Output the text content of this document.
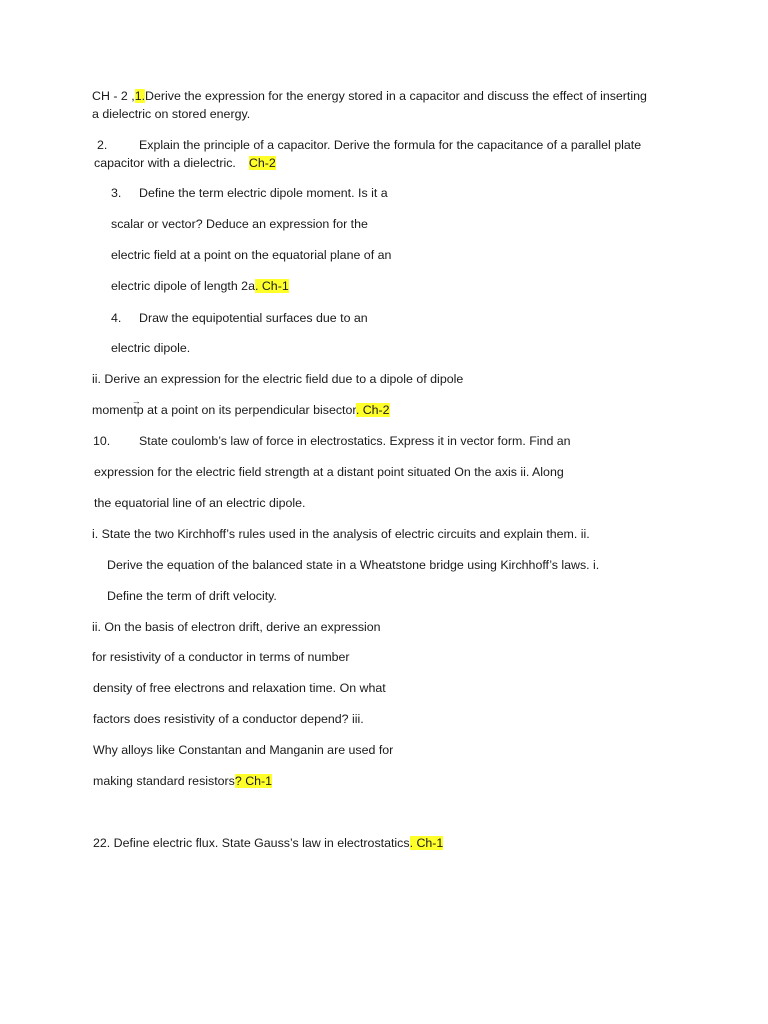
CH - 2 ,1.Derive the expression for the energy stored in a capacitor and discuss the effect of inserting
a dielectric on stored energy.
2.	Explain the principle of a capacitor. Derive the formula for the capacitance of a parallel plate
capacitor with a dielectric. Ch-2
3. Define the term electric dipole moment. Is it a
scalar or vector? Deduce an expression for the
electric field at a point on the equatorial plane of an
electric dipole of length 2a. Ch-1
4. Draw the equipotential surfaces due to an
electric dipole.
ii. Derive an expression for the electric field due to a dipole of dipole
moment
→
p at a point on its perpendicular bisector. Ch-2
10. State coulomb’s law of force in electrostatics. Express it in vector form. Find an
expression for the electric field strength at a distant point situated On the axis ii. Along
the equatorial line of an electric dipole.
i. State the two Kirchhoff’s rules used in the analysis of electric circuits and explain them. ii.
Derive the equation of the balanced state in a Wheatstone bridge using Kirchhoff’s laws. i.
Define the term of drift velocity.
ii. On the basis of electron drift, derive an expression
for resistivity of a conductor in terms of number
density of free electrons and relaxation time. On what
factors does resistivity of a conductor depend? iii.
Why alloys like Constantan and Manganin are used for
making standard resistors? Ch-1
22. Define electric flux. State Gauss’s law in electrostatics. Ch-1
